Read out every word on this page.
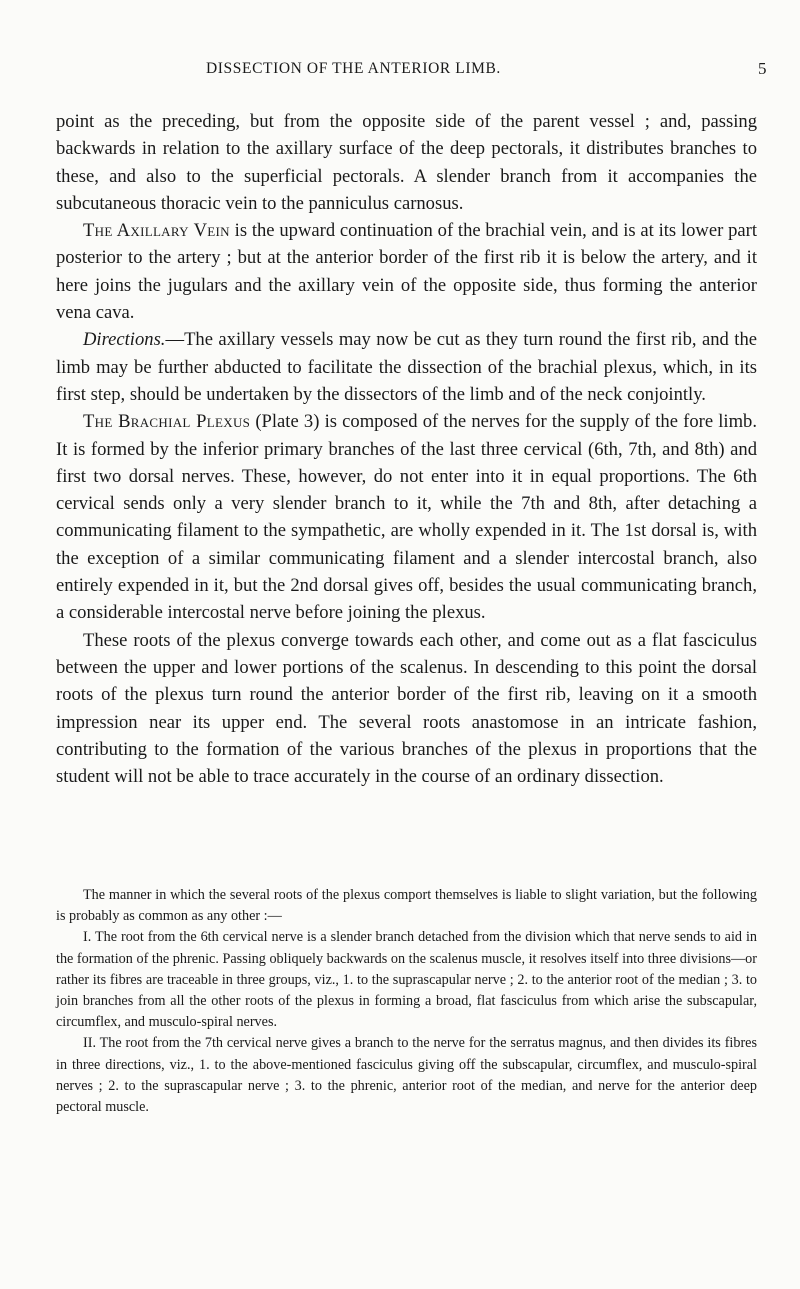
DISSECTION OF THE ANTERIOR LIMB.	5

point as the preceding, but from the opposite side of the parent vessel ; and, passing backwards in relation to the axillary surface of the deep pectorals, it distributes branches to these, and also to the superficial pectorals. A slender branch from it accompanies the subcutaneous thoracic vein to the panniculus carnosus.

The Axillary Vein is the upward continuation of the brachial vein, and is at its lower part posterior to the artery ; but at the anterior border of the first rib it is below the artery, and it here joins the jugulars and the axillary vein of the opposite side, thus forming the anterior vena cava.

Directions.—The axillary vessels may now be cut as they turn round the first rib, and the limb may be further abducted to facilitate the dissection of the brachial plexus, which, in its first step, should be undertaken by the dissectors of the limb and of the neck conjointly.

The Brachial Plexus (Plate 3) is composed of the nerves for the supply of the fore limb. It is formed by the inferior primary branches of the last three cervical (6th, 7th, and 8th) and first two dorsal nerves. These, however, do not enter into it in equal proportions. The 6th cervical sends only a very slender branch to it, while the 7th and 8th, after detaching a communicating filament to the sympathetic, are wholly expended in it. The 1st dorsal is, with the exception of a similar communicating filament and a slender intercostal branch, also entirely expended in it, but the 2nd dorsal gives off, besides the usual communicating branch, a considerable intercostal nerve before joining the plexus.

These roots of the plexus converge towards each other, and come out as a flat fasciculus between the upper and lower portions of the scalenus. In descending to this point the dorsal roots of the plexus turn round the anterior border of the first rib, leaving on it a smooth impression near its upper end. The several roots anastomose in an intricate fashion, contributing to the formation of the various branches of the plexus in proportions that the student will not be able to trace accurately in the course of an ordinary dissection.

The manner in which the several roots of the plexus comport themselves is liable to slight variation, but the following is probably as common as any other :—

I. The root from the 6th cervical nerve is a slender branch detached from the division which that nerve sends to aid in the formation of the phrenic. Passing obliquely backwards on the scalenus muscle, it resolves itself into three divisions—or rather its fibres are traceable in three groups, viz., 1. to the suprascapular nerve ; 2. to the anterior root of the median ; 3. to join branches from all the other roots of the plexus in forming a broad, flat fasciculus from which arise the subscapular, circumflex, and musculo-spiral nerves.

II. The root from the 7th cervical nerve gives a branch to the nerve for the serratus magnus, and then divides its fibres in three directions, viz., 1. to the above-mentioned fasciculus giving off the subscapular, circumflex, and musculo-spiral nerves ; 2. to the suprascapular nerve ; 3. to the phrenic, anterior root of the median, and nerve for the anterior deep pectoral muscle.
